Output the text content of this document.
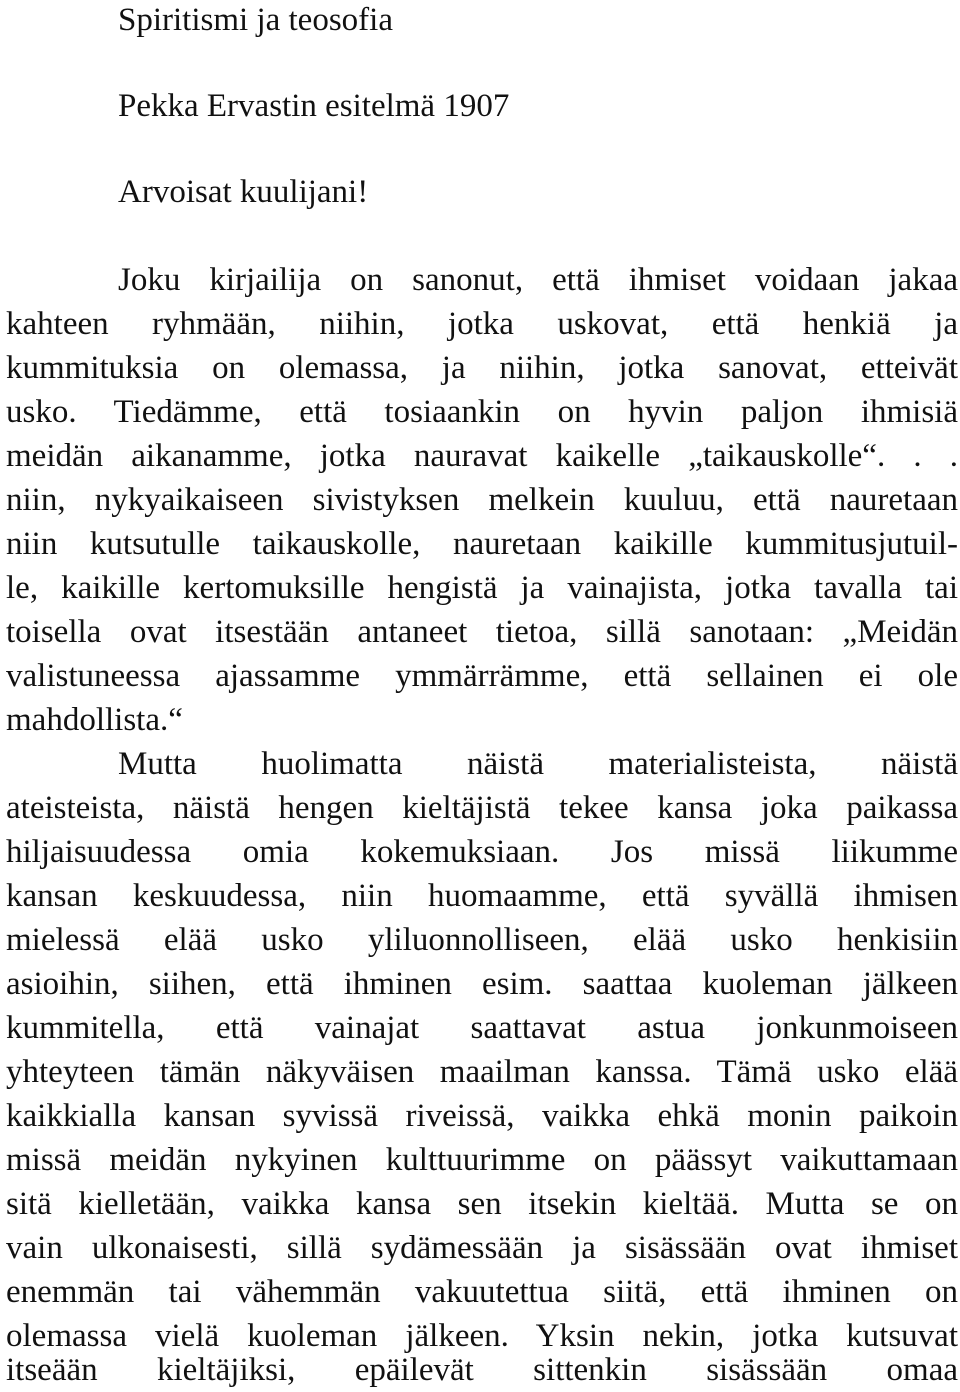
Spiritismi ja teosofia
Pekka Ervastin esitelmä 1907
Arvoisat kuulijani!
Joku kirjailija on sanonut, että ihmiset voidaan jakaa
kahteen ryhmään, niihin, jotka uskovat, että henkiä ja
kummituksia on olemassa, ja niihin, jotka sanovat, etteivät
usko. Tiedämme, että tosiaankin on hyvin paljon ihmisiä
meidän aikanamme, jotka nauravat kaikelle „taikauskolle“. . .
niin, nykyaikaiseen sivistyksen melkein kuuluu, että nauretaan
niin kutsutulle taikauskolle, nauretaan kaikille kummitusjutuil-
le, kaikille kertomuksille hengistä ja vainajista, jotka tavalla tai
toisella ovat itsestään antaneet tietoa, sillä sanotaan: „Meidän
valistuneessa ajassamme ymmärrämme, että sellainen ei ole
mahdollista.“
Mutta huolimatta näistä materialisteista, näistä
ateisteista, näistä hengen kieltäjistä tekee kansa joka paikassa
hiljaisuudessa omia kokemuksiaan. Jos missä liikumme
kansan keskuudessa, niin huomaamme, että syvällä ihmisen
mielessä elää usko yliluonnolliseen, elää usko henkisiin
asioihin, siihen, että ihminen esim. saattaa kuoleman jälkeen
kummitella, että vainajat saattavat astua jonkunmoiseen
yhteyteen tämän näkyväisen maailman kanssa. Tämä usko elää
kaikkialla kansan syvissä riveissä, vaikka ehkä monin paikoin
missä meidän nykyinen kulttuurimme on päässyt vaikuttamaan
sitä kielletään, vaikka kansa sen itsekin kieltää. Mutta se on
vain ulkonaisesti, sillä sydämessään ja sisässään ovat ihmiset
enemmän tai vähemmän vakuutettua siitä, että ihminen on
olemassa vielä kuoleman jälkeen. Yksin nekin, jotka kutsuvat
itseään kieltäjiksi, epäilevät sittenkin sisässään omaa
